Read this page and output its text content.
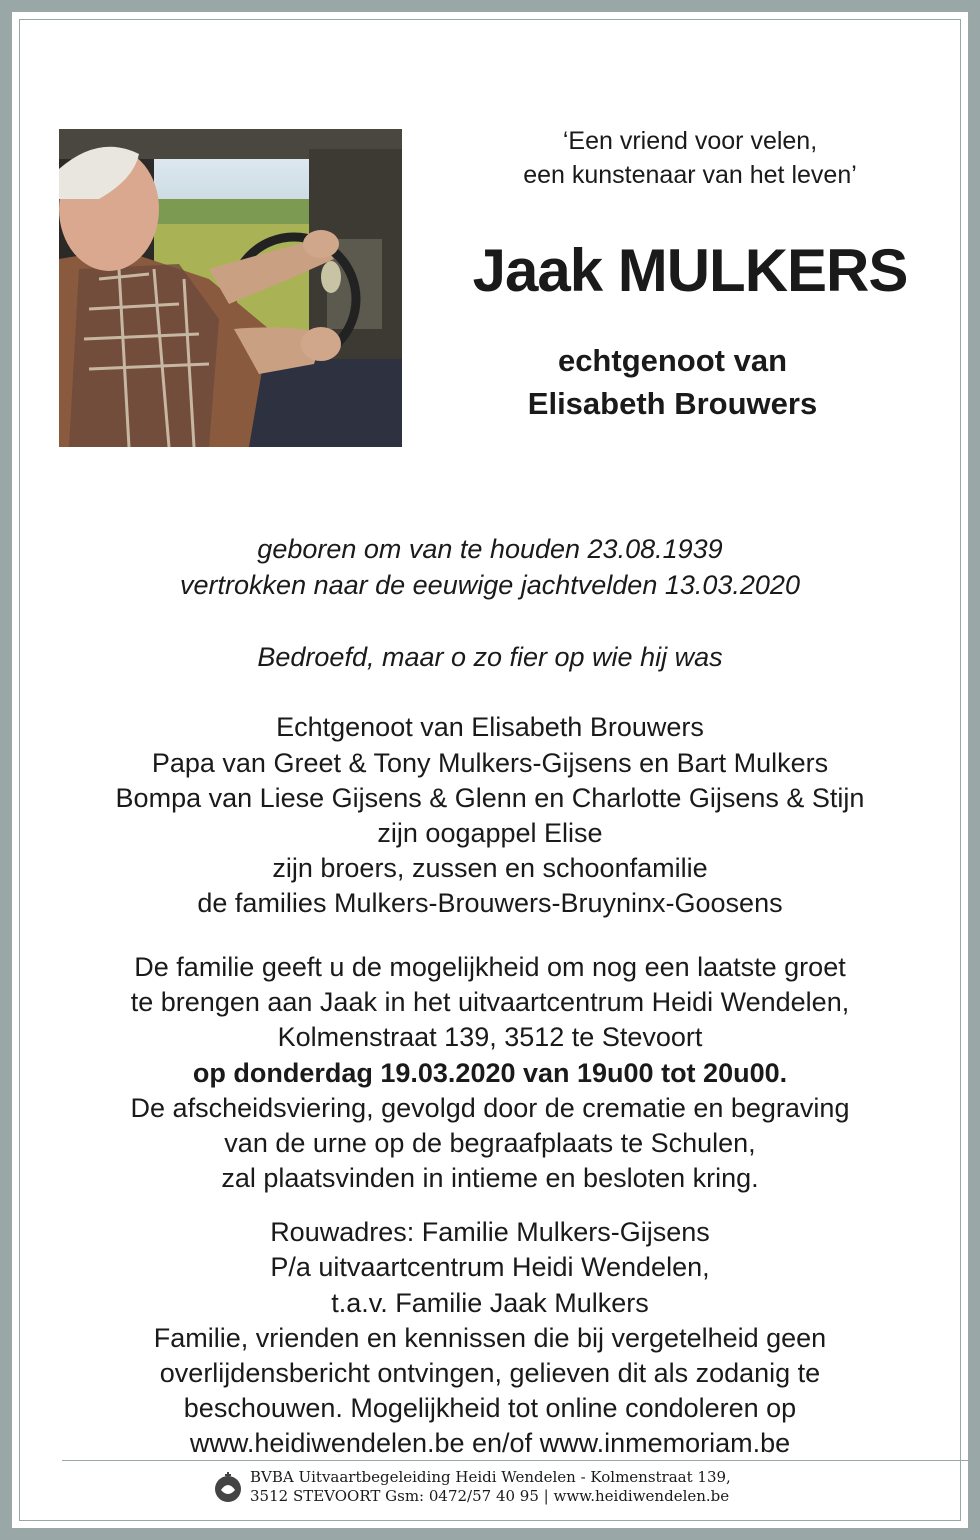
‘Een vriend voor velen,
een kunstenaar van het leven’
Jaak MULKERS
echtgenoot van
Elisabeth Brouwers
geboren om van te houden 23.08.1939
vertrokken naar de eeuwige jachtvelden 13.03.2020
Bedroefd, maar o zo fier op wie hij was
Echtgenoot van Elisabeth Brouwers
Papa van Greet & Tony Mulkers-Gijsens en Bart Mulkers
Bompa van Liese Gijsens & Glenn en Charlotte Gijsens & Stijn
zijn oogappel Elise
zijn broers, zussen en schoonfamilie
de families Mulkers-Brouwers-Bruyninx-Goosens
De familie geeft u de mogelijkheid om nog een laatste groet
te brengen aan Jaak in het uitvaartcentrum Heidi Wendelen,
Kolmenstraat 139, 3512 te Stevoort
op donderdag 19.03.2020 van 19u00 tot 20u00.
De afscheidsviering, gevolgd door de crematie en begraving
van de urne op de begraafplaats te Schulen,
zal plaatsvinden in intieme en besloten kring.
Rouwadres: Familie Mulkers-Gijsens
P/a uitvaartcentrum Heidi Wendelen,
t.a.v. Familie Jaak Mulkers
Familie, vrienden en kennissen die bij vergetelheid geen
overlijdensbericht ontvingen, gelieven dit als zodanig te
beschouwen. Mogelijkheid tot online condoleren op
www.heidiwendelen.be en/of www.inmemoriam.be
BVBA Uitvaartbegeleiding Heidi Wendelen - Kolmenstraat 139,
3512 STEVOORT Gsm: 0472/57 40 95 | www.heidiwendelen.be
